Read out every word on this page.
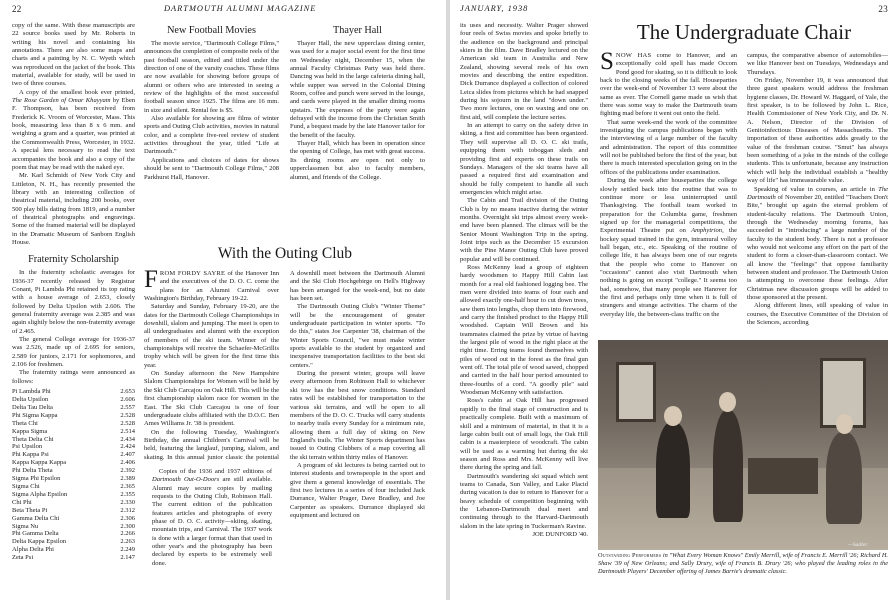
22	DARTMOUTH ALUMNI MAGAZINE

copy of the same. With these manuscripts are 22 source books used by Mr. Roberts in writing his novel and containing his annotations. There are also some maps and charts and a painting by N. C. Wyeth which was reproduced on the jacket of the book. This material, available for study, will be used in two of three courses.

A copy of the smallest book ever printed, The Rose Garden of Omar Khayyam by Eben F. Thompson, has been received from Frederick K. Vroom of Worcester, Mass. This book, measuring less than 8 x 6 mm. and weighing a gram and a quarter, was printed at the Commonwealth Press, Worcester, in 1932. A special lens necessary to read the text accompanies the book and also a copy of the poem that may be read with the naked eye.

Mr. Karl Schmidt of New York City and Littleton, N. H., has recently presented the library with an interesting collection of theatrical material, including 200 books, over 500 play bills dating from 1819, and a number of theatrical photographs and engravings. Some of the framed material will be displayed in the Dramatic Museum of Sanborn English House.

Fraternity Scholarship

In the fraternity scholastic averages for 1936-37 recently released by Registrar Conant, Pi Lambda Phi retained its top rating with a house average of 2.653, closely followed by Delta Upsilon with 2.606. The general fraternity average was 2.385 and was again slightly below the non-fraternity average of 2.465.

The general College average for 1936-37 was 2.526, made up of 2.695 for seniors, 2.589 for juniors, 2.171 for sophomores, and 2.106 for freshmen.

The fraternity ratings were announced as follows:

Pi Lambda Phi	2.653
Delta Upsilon	2.606
Delta Tau Delta	2.557
Phi Sigma Kappa	2.528
Theta Chi	2.528
Kappa Sigma	2.514
Theta Delta Chi	2.434
Psi Upsilon	2.424
Phi Kappa Psi	2.407
Kappa Kappa Kappa	2.406
Phi Delta Theta	2.392
Sigma Phi Epsilon	2.389
Sigma Chi	2.365
Sigma Alpha Epsilon	2.355
Chi Phi	2.330
Beta Theta Pi	2.312
Gamma Delta Chi	2.306
Sigma Nu	2.300
Phi Gamma Delta	2.266
Delta Kappa Epsilon	2.263
Alpha Delta Phi	2.249
Zeta Psi	2.147
New Football Movies

The movie service, "Dartmouth College Films," announces the completion of composite reels of the past football season, edited and titled under the direction of one of the varsity coaches. These films are now available for showing before groups of alumni or others who are interested in seeing a review of the highlights of the most successful football season since 1925. The films are 16 mm. in size and silent. Rental fee is $5.

Also available for showing are films of winter sports and Outing Club activities, movies in natural color, and a complete five-reel review of student activities throughout the year, titled "Life at Dartmouth."

Applications and choices of dates for shows should be sent to "Dartmouth College Films," 208 Parkhurst Hall, Hanover.

Thayer Hall

Thayer Hall, the new upperclass dining center, was used for a major social event for the first time on Wednesday night, December 15, when the annual Faculty Christmas Party was held there. Dancing was held in the large cafeteria dining hall, while supper was served in the Colonial Dining Room, coffee and punch were served in the lounge, and cards were played in the smaller dining rooms upstairs. The expenses of the party were again defrayed with the income from the Christian Smith Fund, a bequest made by the late Hanover tailor for the benefit of the faculty.

Thayer Hall, which has been in operation since the opening of College, has met with great success. Its dining rooms are open not only to upperclassmen but also to faculty members, alumni, and friends of the College.

With the Outing Club

FROM FORDY SAYRE of the Hanover Inn and the executives of the D. O. C. come the plans for an Alumni Carnival over Washington's Birthday, February 19-22.

Saturday and Sunday, February 19-20, are the dates for the Dartmouth College Championships in downhill, slalom and jumping. The meet is open to all undergraduates and alumni with the exception of members of the ski team. Winner of the championships will receive the Schaefer-McGrillis trophy which will be given for the first time this year.

On Sunday afternoon the New Hampshire Slalom Championships for Women will be held by the Ski Club Carcajou on Oak Hill. This will be the first championship slalom race for women in the East. The Ski Club Carcajou is one of four undergraduate clubs affiliated with the D.O.C. Ben Ames Williams Jr. '38 is president.

On the following Tuesday, Washington's Birthday, the annual Children's Carnival will be held, featuring the langlauf, jumping, slalom, and skating. In this annual junior classic the potential

Copies of the 1936 and 1937 editions of Dartmouth Out-O-Doors are still available. Alumni may secure copies by mailing requests to the Outing Club, Robinson Hall. The current edition of the publication features articles and photographs of every phase of D. O. C. activity—skiing, skating, mountain trips, and Carnival. The 1937 work is done with a larger format than that used in other year's and the photography has been declared by experts to be extremely well done.

A downhill meet between the Dartmouth Alumni and the Ski Club Hochgebirge on Hell's Highway has been arranged for the week-end, but no date has been set.

The Dartmouth Outing Club's "Winter Theme" will be the encouragement of greater undergraduate participation in winter sports. "To do this," states Joe Carpenter '38, chairman of the Winter Sports Council, "we must make winter sports available to the student by organized and inexpensive transportation facilities to the best ski centers."

During the present winter, groups will leave every afternoon from Robinson Hall to whichever ski tow has the best snow conditions. Standard rates will be established for transportation to the various ski terrains, and will be open to all members of the D. O. C. Trucks will carry students to nearby trails every Sunday for a minimum rate, allowing them a full day of skiing on New England's trails. The Winter Sports department has issued to Outing Clubbers of a map covering all the ski terrain within thirty miles of Hanover.

A program of ski lectures is being carried out to interest students and townspeople in the sport and give them a general knowledge of essentials. The first two lectures in a series of four included Jack Durrance, Walter Prager, Dave Bradley, and Joe Carpenter as speakers. Durrance displayed ski equipment and lectured on

JANUARY, 1938	23

its uses and necessity. Walter Prager showed four reels of Swiss movies and spoke briefly to the audience on the background and principal skiers in the film. Dave Bradley lectured on the American ski team in Australia and New Zealand, showing several reels of his own movies and describing the entire expedition. Dick Durrance displayed a collection of colored Leica slides from pictures which he had snapped during his sojourn in the land "down under." Two more lectures, one on waxing and one on first aid, will complete the lecture series.

In an attempt to carry on the safety drive in skiing, a first aid committee has been organized. They will supervise all D. O. C. ski trails, equipping them with toboggan sleds and providing first aid experts on these trails on Sundays. Managers of the ski teams have all passed a required first aid examination and should be fully competent to handle all such emergencies which might arise.

The Cabin and Trail division of the Outing Club is by no means inactive during the winter months. Overnight ski trips almost every week-end have been planned. The climax will be the Senior Mount Washington Trip in the spring. Joint trips such as the December 15 excursion with the Pine Manor Outing Club have proved popular and will be continued.

Ross McKenny lead a group of eighteen hardy woodsmen to Happy Hill Cabin last month for a real old fashioned logging bee. The men were divided into teams of four each and allowed exactly one-half hour to cut down trees, saw them into lengths, chop them into firewood, and carry the finished product to the Happy Hill woodshed. Captain Will Brown and his teammates claimed the prize by virtue of having the largest pile of wood in the right place at the right time. Erring teams found themselves with piles of wood out in the forest as the final gun went off. The total pile of wood sawed, chopped and carried in the half hour period amounted to three-fourths of a cord. "A goodly pile" said Woodsman McKenny with satisfaction.

Ross's cabin at Oak Hill has progressed rapidly to the final stage of construction and is practically complete. Built with a maximum of skill and a minimum of material, in that it is a large cabin built out of small logs, the Oak Hill cabin is a masterpiece of woodcraft. The cabin will be used as a warming hut during the ski season and Ross and Mrs. McKenny will live there during the spring and fall.

Dartmouth's wandering ski squad which sent teams to Canada, Sun Valley, and Lake Placid during vacation is due to return to Hanover for a heavy schedule of competition beginning with the Lebanon-Dartmouth dual meet and continuing through to the Harvard-Dartmouth slalom in the late spring in Tuckerman's Ravine.

JOE DUNFORD '40.

The Undergraduate Chair

SNOW HAS come to Hanover, and an exceptionally cold spell has made Occom Pond good for skating, so it is difficult to look back to the closing weeks of the fall. Houseparties over the week-end of November 13 were about the same as ever. The Cornell game made us wish that there was some way to make the Dartmouth team fighting mad before it went out onto the field.

That same week-end the work of the committee investigating the campus publications began with the interviewing of a large number of the faculty and administration. The report of this committee will not be published before the first of the year, but there is much interested speculation going on in the offices of the publications under examination.

During the week after houseparties the college slowly settled back into the routine that was to continue more or less uninterrupted until Thanksgiving. The football team worked in preparation for the Columbia game, freshmen signed up for the managerial competitions, the Experimental Theatre put on Amphytrion, the hockey squad trained in the gym, intramural volley ball began, etc., etc. Speaking of the routine of college life, it has always been one of our regrets that the people who come to Hanover on "occasions" cannot also visit Dartmouth when nothing is going on except "college." It seems too bad, somehow, that many people see Hanover for the first and perhaps only time when it is full of strangers and strange activities. The charm of the everyday life, the between-class traffic on the

campus, the comparative absence of automobiles—we like Hanover best on Tuesdays, Wednesdays and Thursdays.

On Friday, November 19, it was announced that three guest speakers would address the freshman hygiene classes, Dr. Howard W. Haggard, of Yale, the first speaker, is to be followed by John L. Rice, Health Commissioner of New York City, and Dr. N. A. Nelson, Director of the Division of Genitoinfectious Diseases of Massachusetts. The importation of these authorities adds greatly to the value of the freshman course. "Smut" has always been something of a joke in the minds of the college students. This is unfortunate, because any instruction which will help the individual establish a "healthy way of life" has immeasurable value.

Speaking of value in courses, an article in The Dartmouth of November 20, entitled "Teachers Don't Bite," brought up again the eternal problem of student-faculty relations. The Dartmouth Union, through the Wednesday morning forums, has succeeded in "introducing" a large number of the faculty to the student body. There is not a professor who would not welcome any effort on the part of the student to form a closer-than-classroom contact. We all know the "feelings" that oppose familiarity between student and professor. The Dartmouth Union is attempting to overcome these feelings. After Christmas new discussion groups will be added to those sponsored at the present.

Along different lines, still speaking of value in courses, the Executive Committee of the Division of the Sciences, according

—Sadler.
Outstanding Performers in "What Every Woman Knows" Emily Merrill, wife of Francis E. Merrill '26; Richard H. Shaw '39 of New Orleans; and Sally Drury, wife of Francis B. Drury '26; who played the leading roles in the Dartmouth Players' December offering of James Barrie's dramatic classic.
